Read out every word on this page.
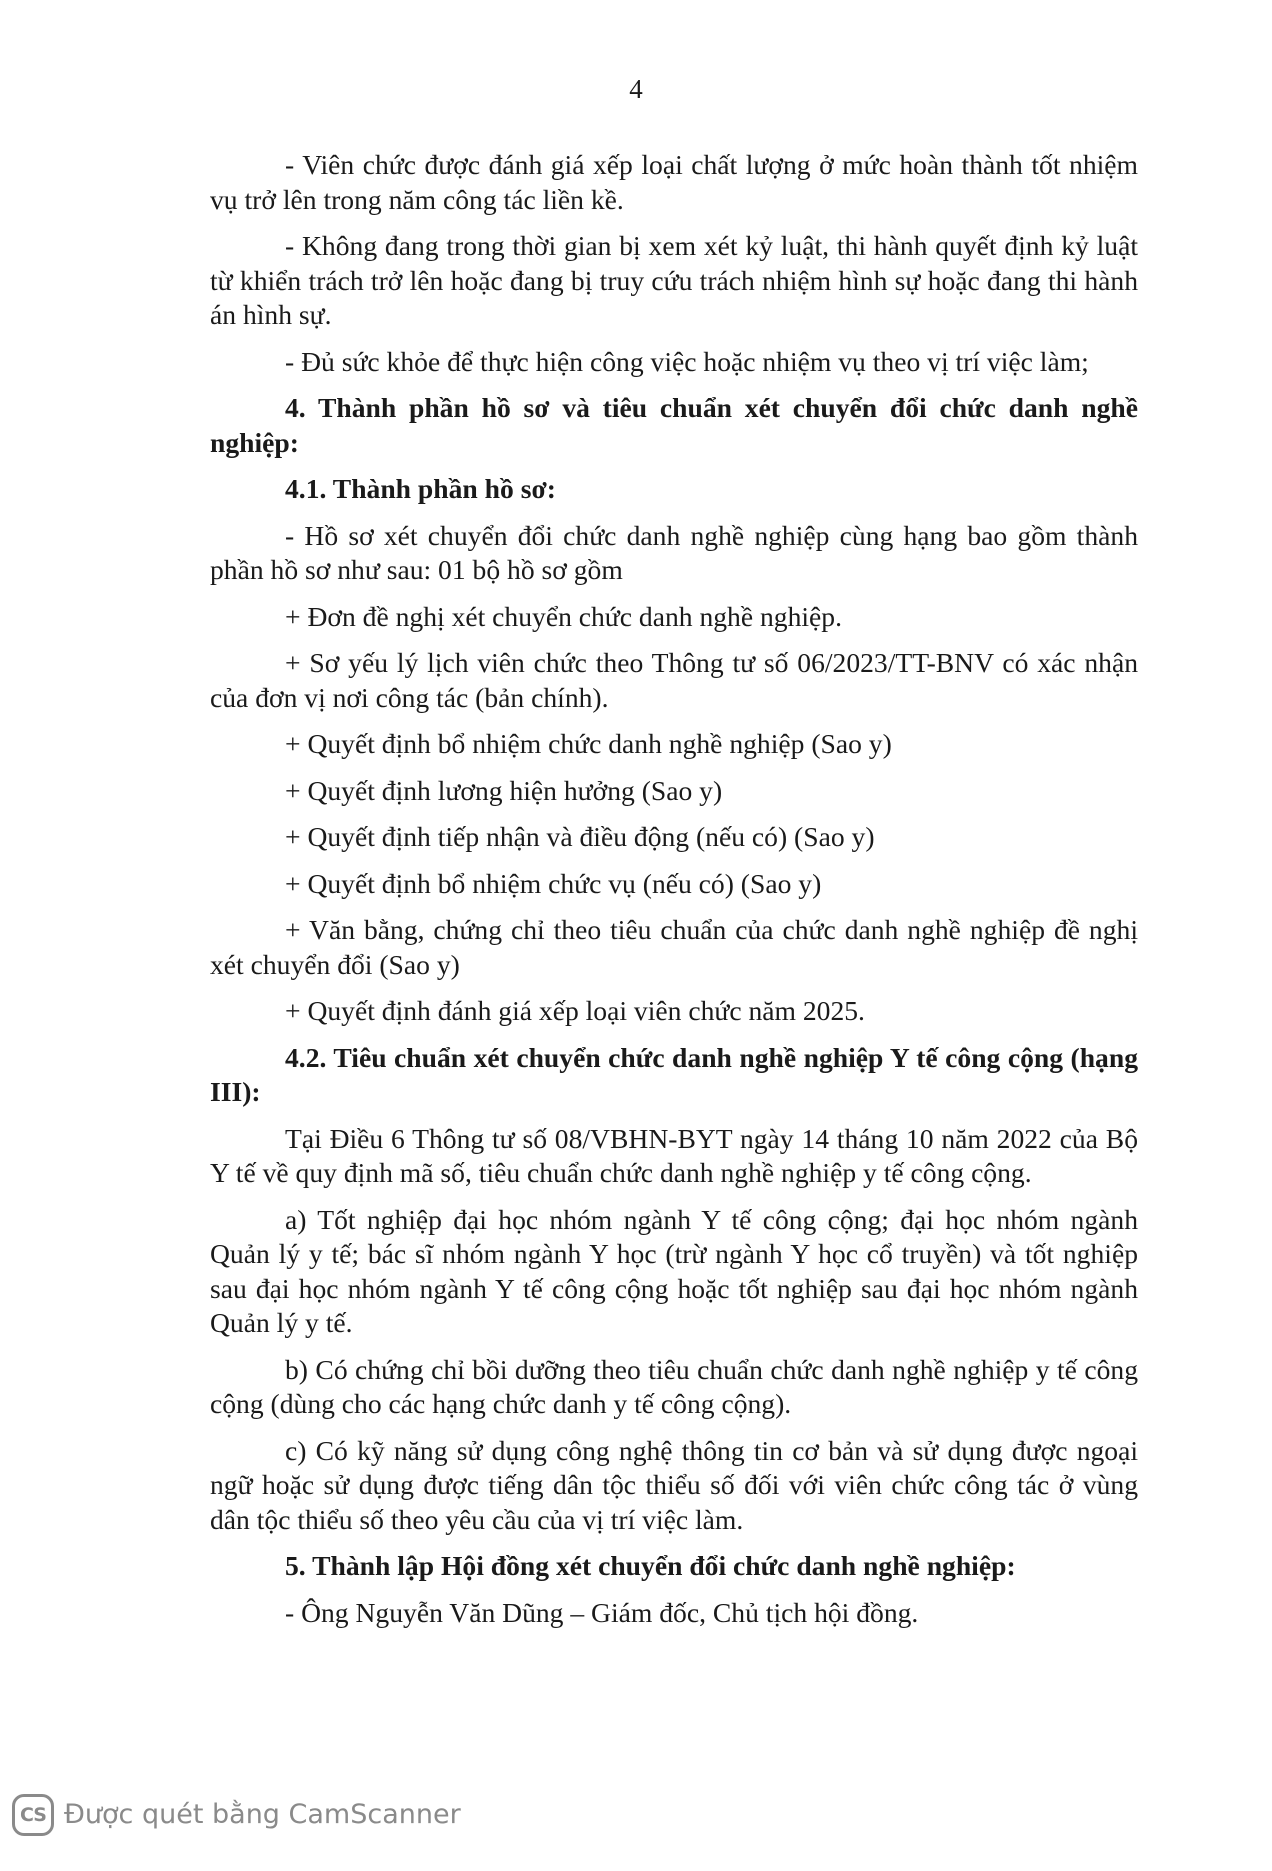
4

- Viên chức được đánh giá xếp loại chất lượng ở mức hoàn thành tốt nhiệm vụ trở lên trong năm công tác liền kề.

- Không đang trong thời gian bị xem xét kỷ luật, thi hành quyết định kỷ luật từ khiển trách trở lên hoặc đang bị truy cứu trách nhiệm hình sự hoặc đang thi hành án hình sự.

- Đủ sức khỏe để thực hiện công việc hoặc nhiệm vụ theo vị trí việc làm;

4. Thành phần hồ sơ và tiêu chuẩn xét chuyển đổi chức danh nghề nghiệp:

4.1. Thành phần hồ sơ:

- Hồ sơ xét chuyển đổi chức danh nghề nghiệp cùng hạng bao gồm thành phần hồ sơ như sau: 01 bộ hồ sơ gồm

+ Đơn đề nghị xét chuyển chức danh nghề nghiệp.

+ Sơ yếu lý lịch viên chức theo Thông tư số 06/2023/TT-BNV có xác nhận của đơn vị nơi công tác (bản chính).

+ Quyết định bổ nhiệm chức danh nghề nghiệp (Sao y)

+ Quyết định lương hiện hưởng (Sao y)

+ Quyết định tiếp nhận và điều động (nếu có) (Sao y)

+ Quyết định bổ nhiệm chức vụ (nếu có) (Sao y)

+ Văn bằng, chứng chỉ theo tiêu chuẩn của chức danh nghề nghiệp đề nghị xét chuyển đổi (Sao y)

+ Quyết định đánh giá xếp loại viên chức năm 2025.

4.2. Tiêu chuẩn xét chuyển chức danh nghề nghiệp Y tế công cộng (hạng III):

Tại Điều 6 Thông tư số 08/VBHN-BYT ngày 14 tháng 10 năm 2022 của Bộ Y tế về quy định mã số, tiêu chuẩn chức danh nghề nghiệp y tế công cộng.

a) Tốt nghiệp đại học nhóm ngành Y tế công cộng; đại học nhóm ngành Quản lý y tế; bác sĩ nhóm ngành Y học (trừ ngành Y học cổ truyền) và tốt nghiệp sau đại học nhóm ngành Y tế công cộng hoặc tốt nghiệp sau đại học nhóm ngành Quản lý y tế.

b) Có chứng chỉ bồi dưỡng theo tiêu chuẩn chức danh nghề nghiệp y tế công cộng (dùng cho các hạng chức danh y tế công cộng).

c) Có kỹ năng sử dụng công nghệ thông tin cơ bản và sử dụng được ngoại ngữ hoặc sử dụng được tiếng dân tộc thiểu số đối với viên chức công tác ở vùng dân tộc thiểu số theo yêu cầu của vị trí việc làm.

5. Thành lập Hội đồng xét chuyển đổi chức danh nghề nghiệp:

- Ông Nguyễn Văn Dũng – Giám đốc, Chủ tịch hội đồng.

CS Được quét bằng CamScanner
